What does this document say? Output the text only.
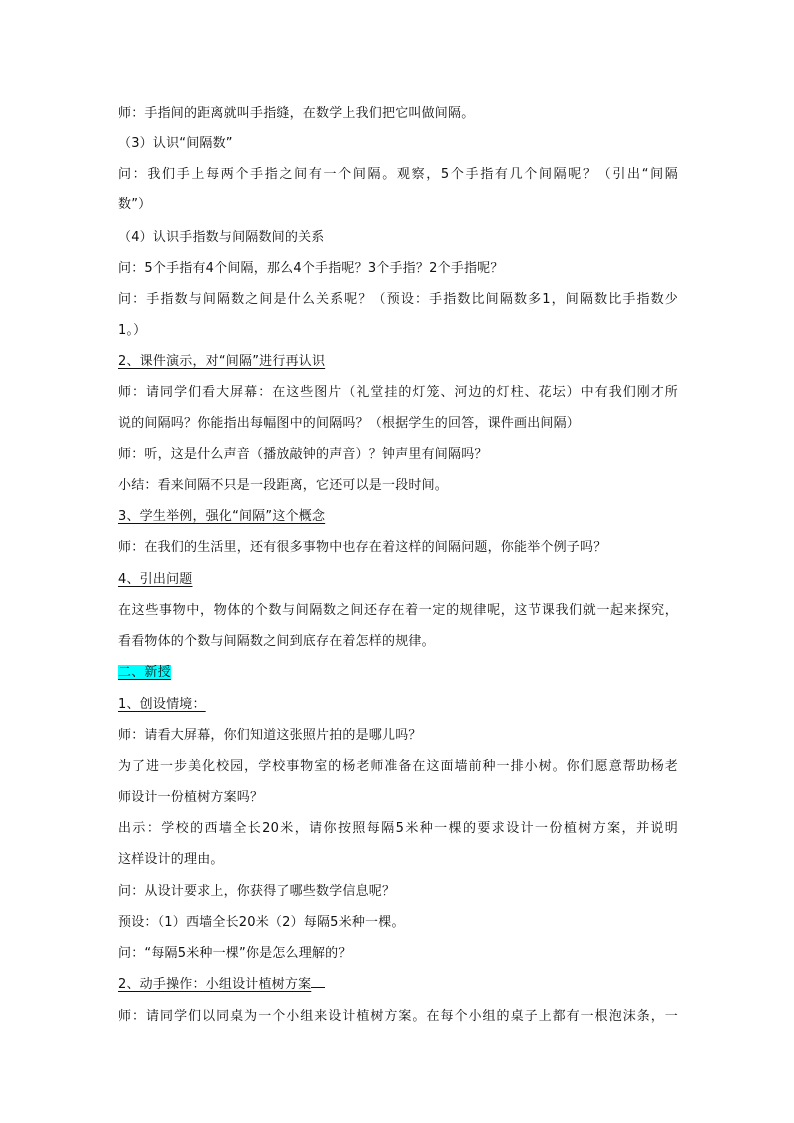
师：手指间的距离就叫手指缝，在数学上我们把它叫做间隔。
（3）认识“间隔数”
问：我们手上每两个手指之间有一个间隔。观察，5个手指有几个间隔呢？（引出“间隔
数”）
（4）认识手指数与间隔数间的关系
问：5个手指有4个间隔，那么4个手指呢？3个手指？2个手指呢？
问：手指数与间隔数之间是什么关系呢？（预设：手指数比间隔数多1，间隔数比手指数少
1。）
2、课件演示，对“间隔”进行再认识
师：请同学们看大屏幕：在这些图片（礼堂挂的灯笼、河边的灯柱、花坛）中有我们刚才所
说的间隔吗？你能指出每幅图中的间隔吗？（根据学生的回答，课件画出间隔）
师：听，这是什么声音（播放敲钟的声音）？钟声里有间隔吗？
小结：看来间隔不只是一段距离，它还可以是一段时间。
3、学生举例，强化“间隔”这个概念
师：在我们的生活里，还有很多事物中也存在着这样的间隔问题，你能举个例子吗？
4、引出问题
在这些事物中，物体的个数与间隔数之间还存在着一定的规律呢，这节课我们就一起来探究，
看看物体的个数与间隔数之间到底存在着怎样的规律。
二、新授
1、创设情境：
师：请看大屏幕，你们知道这张照片拍的是哪儿吗？
为了进一步美化校园，学校事物室的杨老师准备在这面墙前种一排小树。你们愿意帮助杨老
师设计一份植树方案吗？
出示：学校的西墙全长20米，请你按照每隔5米种一棵的要求设计一份植树方案，并说明
这样设计的理由。
问：从设计要求上，你获得了哪些数学信息呢？
预设：（1）西墙全长20米（2）每隔5米种一棵。
问：“每隔5米种一棵”你是怎么理解的？
2、动手操作：小组设计植树方案
师：请同学们以同桌为一个小组来设计植树方案。在每个小组的桌子上都有一根泡沫条，一
